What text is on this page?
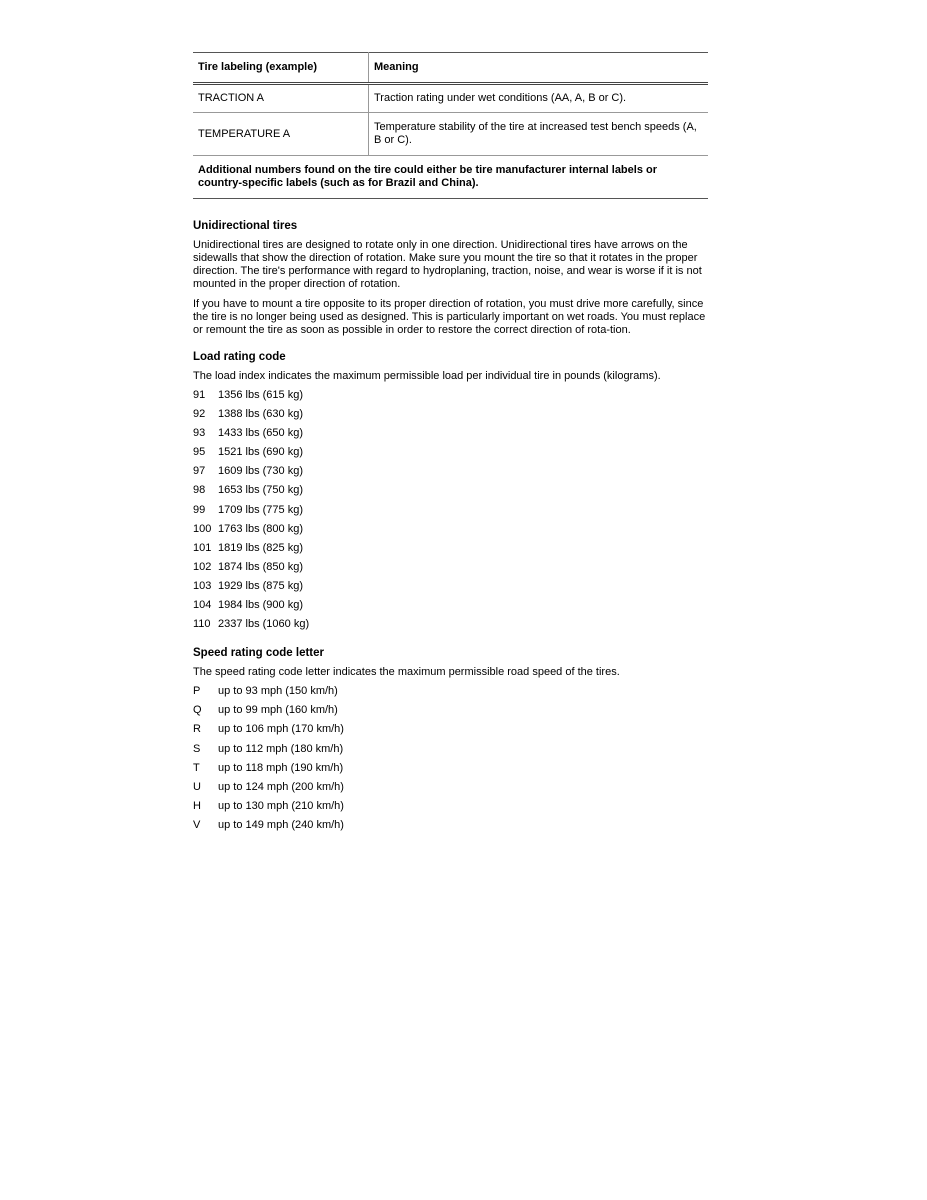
Tire labeling (example)	Meaning
TRACTION A	Traction rating under wet conditions (AA, A, B or C).
TEMPERATURE A	Temperature stability of the tire at increased test bench speeds (A, B or C).
Additional numbers found on the tire could either be tire manufacturer internal labels or country-specific labels (such as for Brazil and China).	
Unidirectional tires

Unidirectional tires are designed to rotate only in one direction. Unidirectional tires have arrows on the sidewalls that show the direction of rotation. Make sure you mount the tire so that it rotates in the proper direction. The tire's performance with regard to hydroplaning, traction, noise, and wear is worse if it is not mounted in the proper direction of rotation.

If you have to mount a tire opposite to its proper direction of rotation, you must drive more carefully, since the tire is no longer being used as designed. This is particularly important on wet roads. You must replace or remount the tire as soon as possible in order to restore the correct direction of rota-tion.

Load rating code

The load index indicates the maximum permissible load per individual tire in pounds (kilograms).

91 1356 lbs (615 kg)
92 1388 lbs (630 kg)
93 1433 lbs (650 kg)
95 1521 lbs (690 kg)
97 1609 lbs (730 kg)
98 1653 lbs (750 kg)
99 1709 lbs (775 kg)
100 1763 lbs (800 kg)
101 1819 lbs (825 kg)
102 1874 lbs (850 kg)
103 1929 lbs (875 kg)
104 1984 lbs (900 kg)
110 2337 lbs (1060 kg)
Speed rating code letter

The speed rating code letter indicates the maximum permissible road speed of the tires.

P up to 93 mph (150 km/h)
Q up to 99 mph (160 km/h)
R up to 106 mph (170 km/h)
S up to 112 mph (180 km/h)
T up to 118 mph (190 km/h)
U up to 124 mph (200 km/h)
H up to 130 mph (210 km/h)
V up to 149 mph (240 km/h)
